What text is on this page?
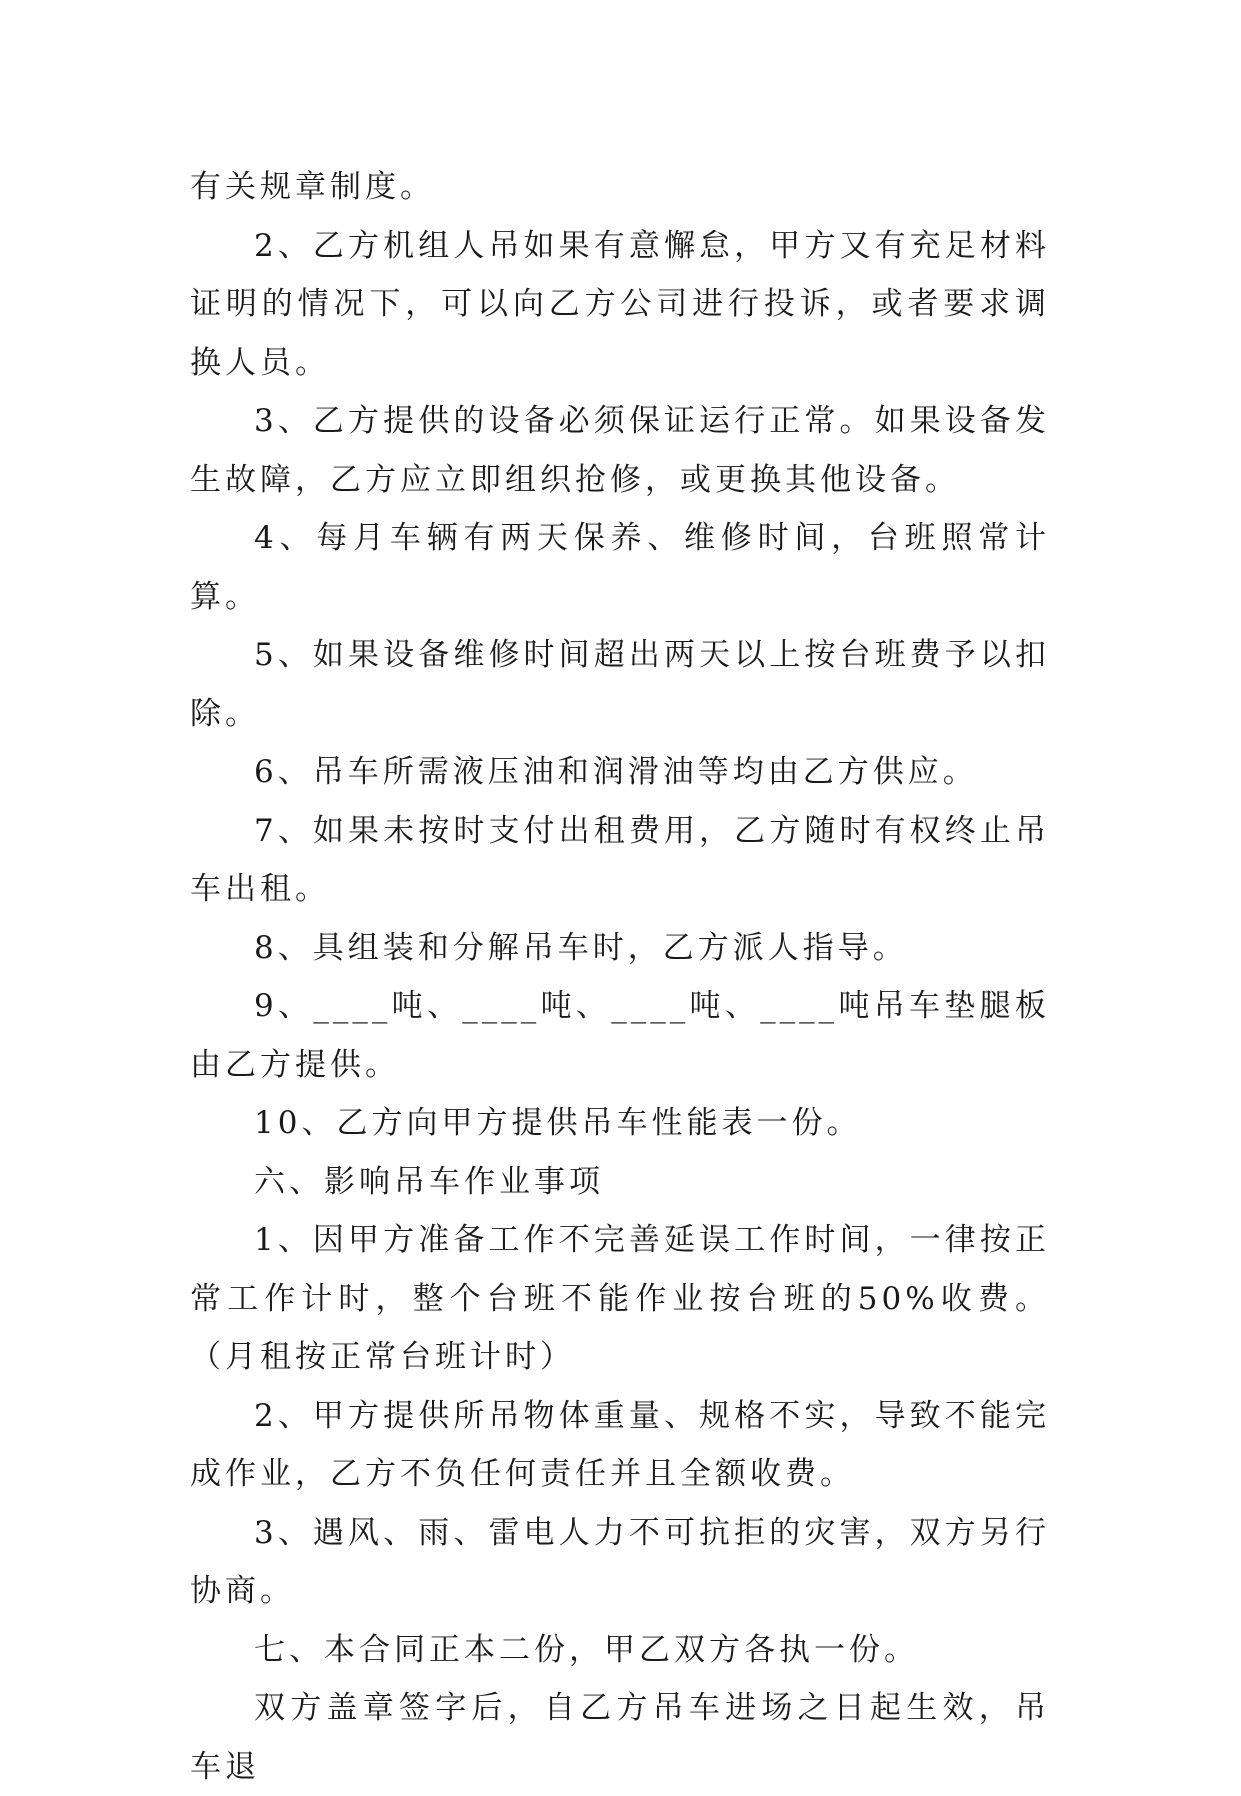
有关规章制度。

2、乙方机组人吊如果有意懈怠，甲方又有充足材料证明的情况下，可以向乙方公司进行投诉，或者要求调换人员。

3、乙方提供的设备必须保证运行正常。如果设备发生故障，乙方应立即组织抢修，或更换其他设备。

4、每月车辆有两天保养、维修时间，台班照常计算。

5、如果设备维修时间超出两天以上按台班费予以扣除。

6、吊车所需液压油和润滑油等均由乙方供应。

7、如果未按时支付出租费用，乙方随时有权终止吊车出租。

8、具组装和分解吊车时，乙方派人指导。

9、____吨、____吨、____吨、____吨吊车垫腿板由乙方提供。

10、乙方向甲方提供吊车性能表一份。

六、影响吊车作业事项

1、因甲方准备工作不完善延误工作时间，一律按正常工作计时，整个台班不能作业按台班的50%收费。（月租按正常台班计时）

2、甲方提供所吊物体重量、规格不实，导致不能完成作业，乙方不负任何责任并且全额收费。

3、遇风、雨、雷电人力不可抗拒的灾害，双方另行协商。

七、本合同正本二份，甲乙双方各执一份。

双方盖章签字后，自乙方吊车进场之日起生效，吊车退
